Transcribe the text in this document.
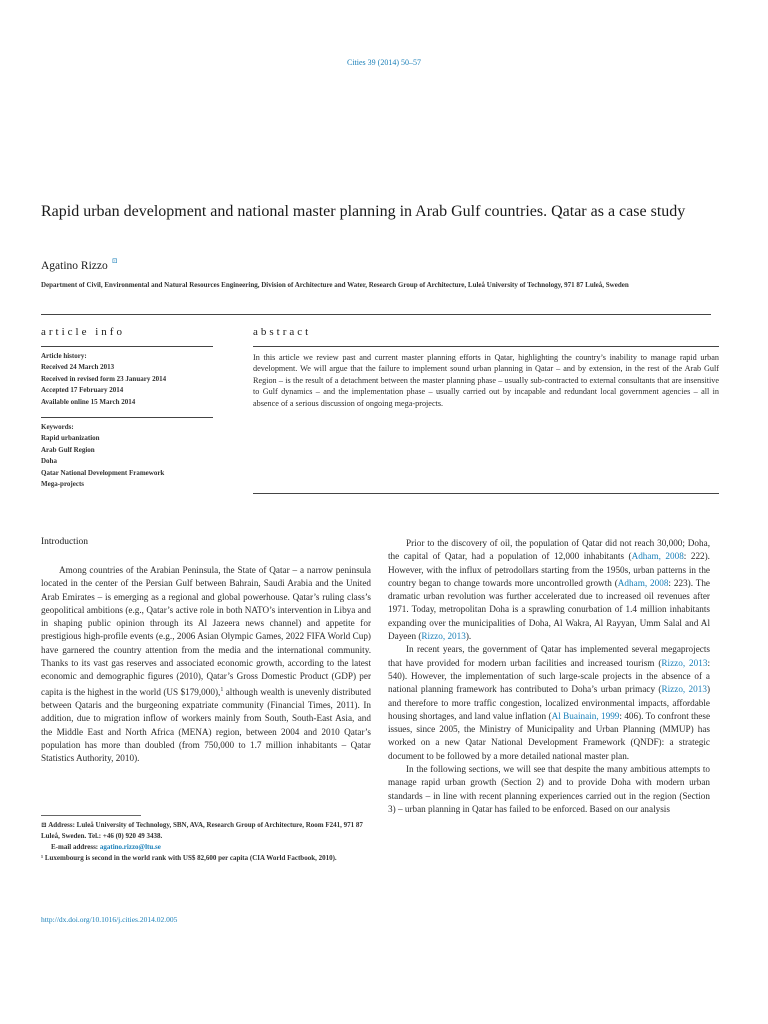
Cities 39 (2014) 50–57
Rapid urban development and national master planning in Arab Gulf countries. Qatar as a case study
Agatino Rizzo ⊡
Department of Civil, Environmental and Natural Resources Engineering, Division of Architecture and Water, Research Group of Architecture, Luleå University of Technology, 971 87 Luleå, Sweden
article info
Article history:
Received 24 March 2013
Received in revised form 23 January 2014
Accepted 17 February 2014
Available online 15 March 2014
Keywords:
Rapid urbanization
Arab Gulf Region
Doha
Qatar National Development Framework
Mega-projects
abstract
In this article we review past and current master planning efforts in Qatar, highlighting the country’s inability to manage rapid urban development. We will argue that the failure to implement sound urban planning in Qatar – and by extension, in the rest of the Arab Gulf Region – is the result of a detachment between the master planning phase – usually sub-contracted to external consultants that are insensitive to Gulf dynamics – and the implementation phase – usually carried out by incapable and redundant local government agencies – all in absence of a serious discussion of ongoing mega-projects.
Introduction

Among countries of the Arabian Peninsula, the State of Qatar – a narrow peninsula located in the center of the Persian Gulf between Bahrain, Saudi Arabia and the United Arab Emirates – is emerging as a regional and global powerhouse. Qatar’s ruling class’s geopolitical ambitions (e.g., Qatar’s active role in both NATO’s intervention in Libya and in shaping public opinion through its Al Jazeera news channel) and appetite for prestigious high-profile events (e.g., 2006 Asian Olympic Games, 2022 FIFA World Cup) have garnered the country attention from the media and the international community. Thanks to its vast gas reserves and associated economic growth, according to the latest economic and demographic figures (2010), Qatar’s Gross Domestic Product (GDP) per capita is the highest in the world (US $179,000),$^1$ although wealth is unevenly distributed between Qataris and the burgeoning expatriate community (Financial Times, 2011). In addition, due to migration inflow of workers mainly from South, South-East Asia, and the Middle East and North Africa (MENA) region, between 2004 and 2010 Qatar’s population has more than doubled (from 750,000 to 1.7 million inhabitants – Qatar Statistics Authority, 2010).

Prior to the discovery of oil, the population of Qatar did not reach 30,000; Doha, the capital of Qatar, had a population of 12,000 inhabitants (Adham, 2008: 222). However, with the influx of petrodollars starting from the 1950s, urban patterns in the country began to change towards more uncontrolled growth (Adham, 2008: 223). The dramatic urban revolution was further accelerated due to increased oil revenues after 1971. Today, metropolitan Doha is a sprawling conurbation of 1.4 million inhabitants expanding over the municipalities of Doha, Al Wakra, Al Rayyan, Umm Salal and Al Dayeen (Rizzo, 2013).

In recent years, the government of Qatar has implemented several megaprojects that have provided for modern urban facilities and increased tourism (Rizzo, 2013: 540). However, the implementation of such large-scale projects in the absence of a national planning framework has contributed to Doha’s urban primacy (Rizzo, 2013) and therefore to more traffic congestion, localized environmental impacts, affordable housing shortages, and land value inflation (Al Buainain, 1999: 406). To confront these issues, since 2005, the Ministry of Municipality and Urban Planning (MMUP) has worked on a new Qatar National Development Framework (QNDF): a strategic document to be followed by a more detailed national master plan.

In the following sections, we will see that despite the many ambitious attempts to manage rapid urban growth (Section 2) and to provide Doha with modern urban standards – in line with recent planning experiences carried out in the region (Section 3) – urban planning in Qatar has failed to be enforced. Based on our analysis

⊡ Address: Luleå University of Technology, SBN, AVA, Research Group of Architecture, Room F241, 971 87 Luleå, Sweden. Tel.: +46 (0) 920 49 3438.

E-mail address: agatino.rizzo@ltu.se

¹ Luxembourg is second in the world rank with US$ 82,600 per capita (CIA World Factbook, 2010).

http://dx.doi.org/10.1016/j.cities.2014.02.005
